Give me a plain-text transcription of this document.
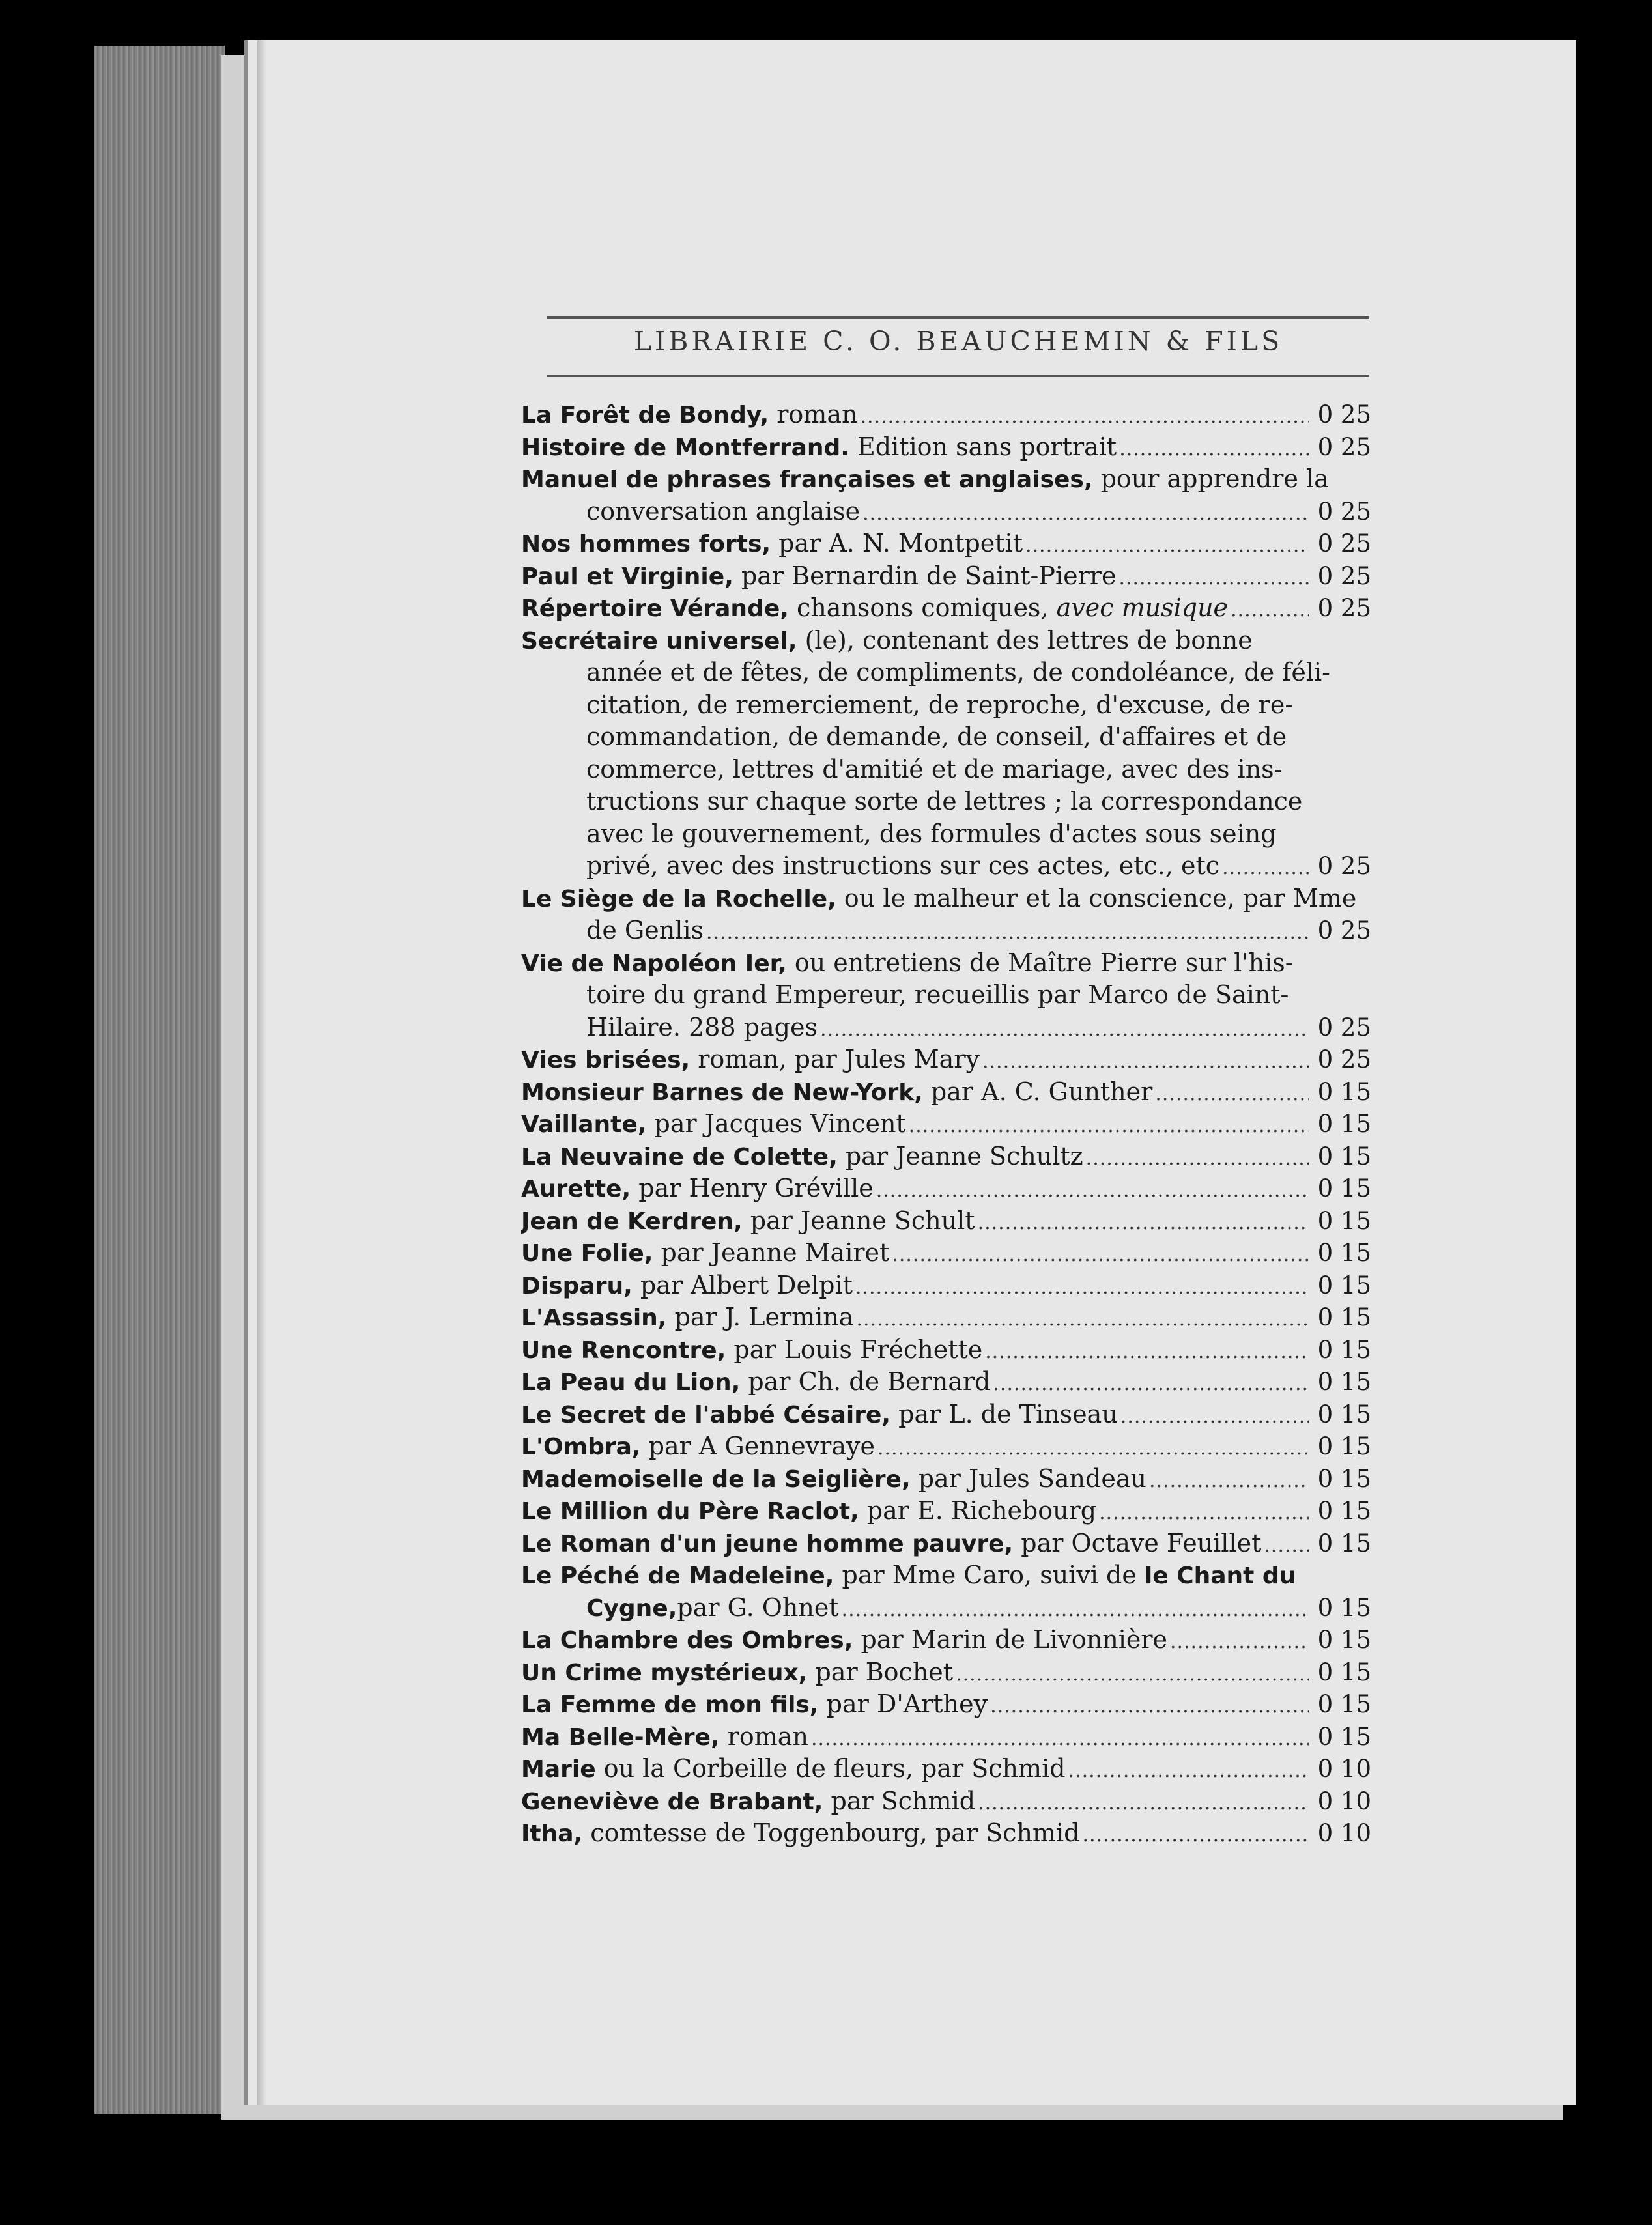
LIBRAIRIE C. O. BEAUCHEMIN & FILS
La Forêt de Bondy, roman .....	0 25
Histoire de Montferrand. Edition sans portrait .....	0 25
Manuel de phrases françaises et anglaises, pour apprendre la
conversation anglaise .....	0 25
Nos hommes forts, par A. N. Montpetit .....	0 25
Paul et Virginie, par Bernardin de Saint-Pierre .....	0 25
Répertoire Vérande, chansons comiques, avec musique .....	0 25
Secrétaire universel, (le), contenant des lettres de bonne
année et de fêtes, de compliments, de condoléance, de féli-
citation, de remerciement, de reproche, d'excuse, de re-
commandation, de demande, de conseil, d'affaires et de
commerce, lettres d'amitié et de mariage, avec des ins-
tructions sur chaque sorte de lettres ; la correspondance
avec le gouvernement, des formules d'actes sous seing
privé, avec des instructions sur ces actes, etc., etc .....	0 25
Le Siège de la Rochelle, ou le malheur et la conscience, par Mme
de Genlis .....	0 25
Vie de Napoléon Ier, ou entretiens de Maître Pierre sur l'his-
toire du grand Empereur, recueillis par Marco de Saint-
Hilaire. 288 pages .....	0 25
Vies brisées, roman, par Jules Mary .....	0 25
Monsieur Barnes de New-York, par A. C. Gunther .....	0 15
Vaillante, par Jacques Vincent .....	0 15
La Neuvaine de Colette, par Jeanne Schultz .....	0 15
Aurette, par Henry Gréville .....	0 15
Jean de Kerdren, par Jeanne Schult .....	0 15
Une Folie, par Jeanne Mairet .....	0 15
Disparu, par Albert Delpit .....	0 15
L'Assassin, par J. Lermina .....	0 15
Une Rencontre, par Louis Fréchette .....	0 15
La Peau du Lion, par Ch. de Bernard .....	0 15
Le Secret de l'abbé Césaire, par L. de Tinseau .....	0 15
L'Ombra, par A Gennevraye .....	0 15
Mademoiselle de la Seiglière, par Jules Sandeau .....	0 15
Le Million du Père Raclot, par E. Richebourg .....	0 15
Le Roman d'un jeune homme pauvre, par Octave Feuillet ..... 0 15
Le Péché de Madeleine, par Mme Caro, suivi de le Chant du
Cygne, par G. Ohnet .....	0 15
La Chambre des Ombres, par Marin de Livonnière .....	0 15
Un Crime mystérieux, par Bochet .....	0 15
La Femme de mon fils, par D'Arthey .....	0 15
Ma Belle-Mère, roman .....	0 15
Marie ou la Corbeille de fleurs, par Schmid .....	0 10
Geneviève de Brabant, par Schmid .....	0 10
Itha, comtesse de Toggenbourg, par Schmid .....	0 10
